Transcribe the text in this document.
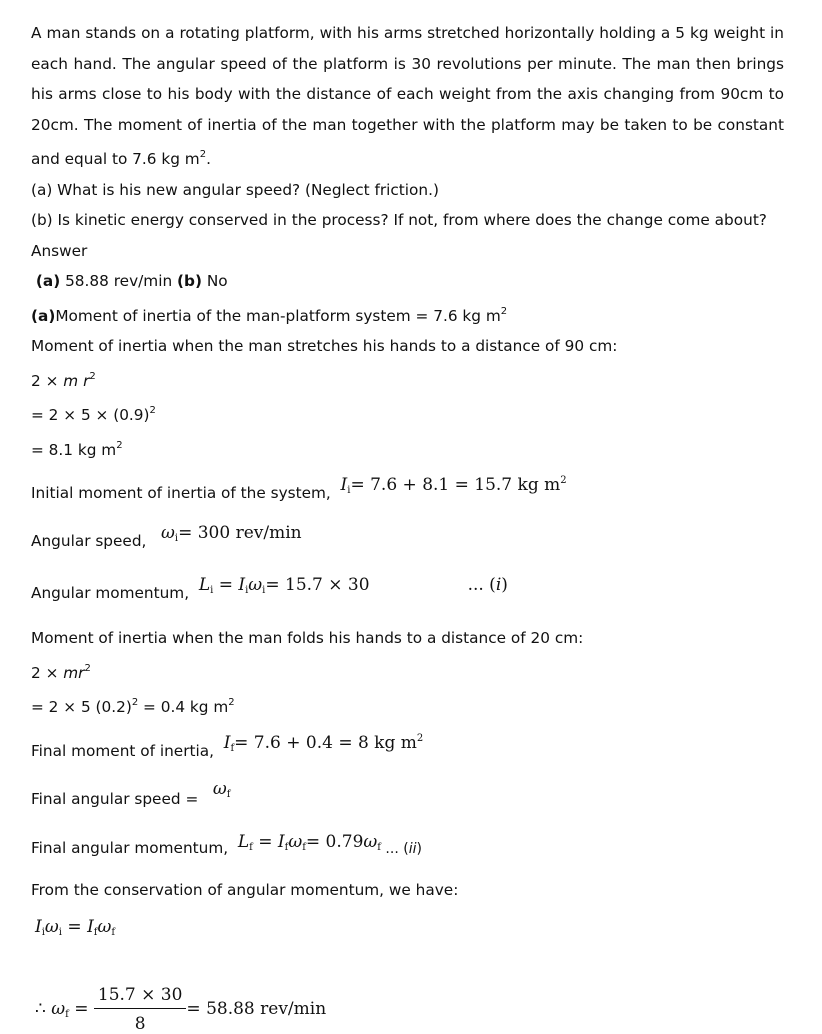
A man stands on a rotating platform, with his arms stretched horizontally holding a 5 kg weight in each hand. The angular speed of the platform is 30 revolutions per minute. The man then brings his arms close to his body with the distance of each weight from the axis changing from 90cm to 20cm. The moment of inertia of the man together with the platform may be taken to be constant and equal to 7.6 kg $m^2$.

(a) What is his new angular speed? (Neglect friction.)

(b) Is kinetic energy conserved in the process? If not, from where does the change come about?

Answer
(a) 58.88 rev/min (b) No
(a)Moment of inertia of the man-platform system = 7.6 kg $m^2$
Moment of inertia when the man stretches his hands to a distance of 90 cm:
2 × m $r^2$
= $2 \times 5 \times (0.9)^2$
= 8.1 kg $m^2$
Initial moment of inertia of the system, $I_i= 7.6 + 8.1 = 15.7$ kg $m^2$
Angular speed, $\omega_i= 300$ rev/min
Angular momentum, $L_i = I_i\omega_i= 15.7 \times 30$	... (i)
Moment of inertia when the man folds his hands to a distance of 20 cm:
$2 \times mr^2$
= 2 × 5 $(0.2)^2 = 0.4$ kg $m^2$
Final moment of inertia, $I_f= 7.6 + 0.4 = 8$ kg $m^2$
Final angular speed = $\omega_f$
Final angular momentum, $L_f = I_f\omega_f= 0.79\omega_f$ ... (ii)
From the conservation of angular momentum, we have:
$I_i\omega_i = I_f\omega_f$
∴ $\omega_f = \frac{15.7 \times 30}{8} = 58.88$ rev/min
